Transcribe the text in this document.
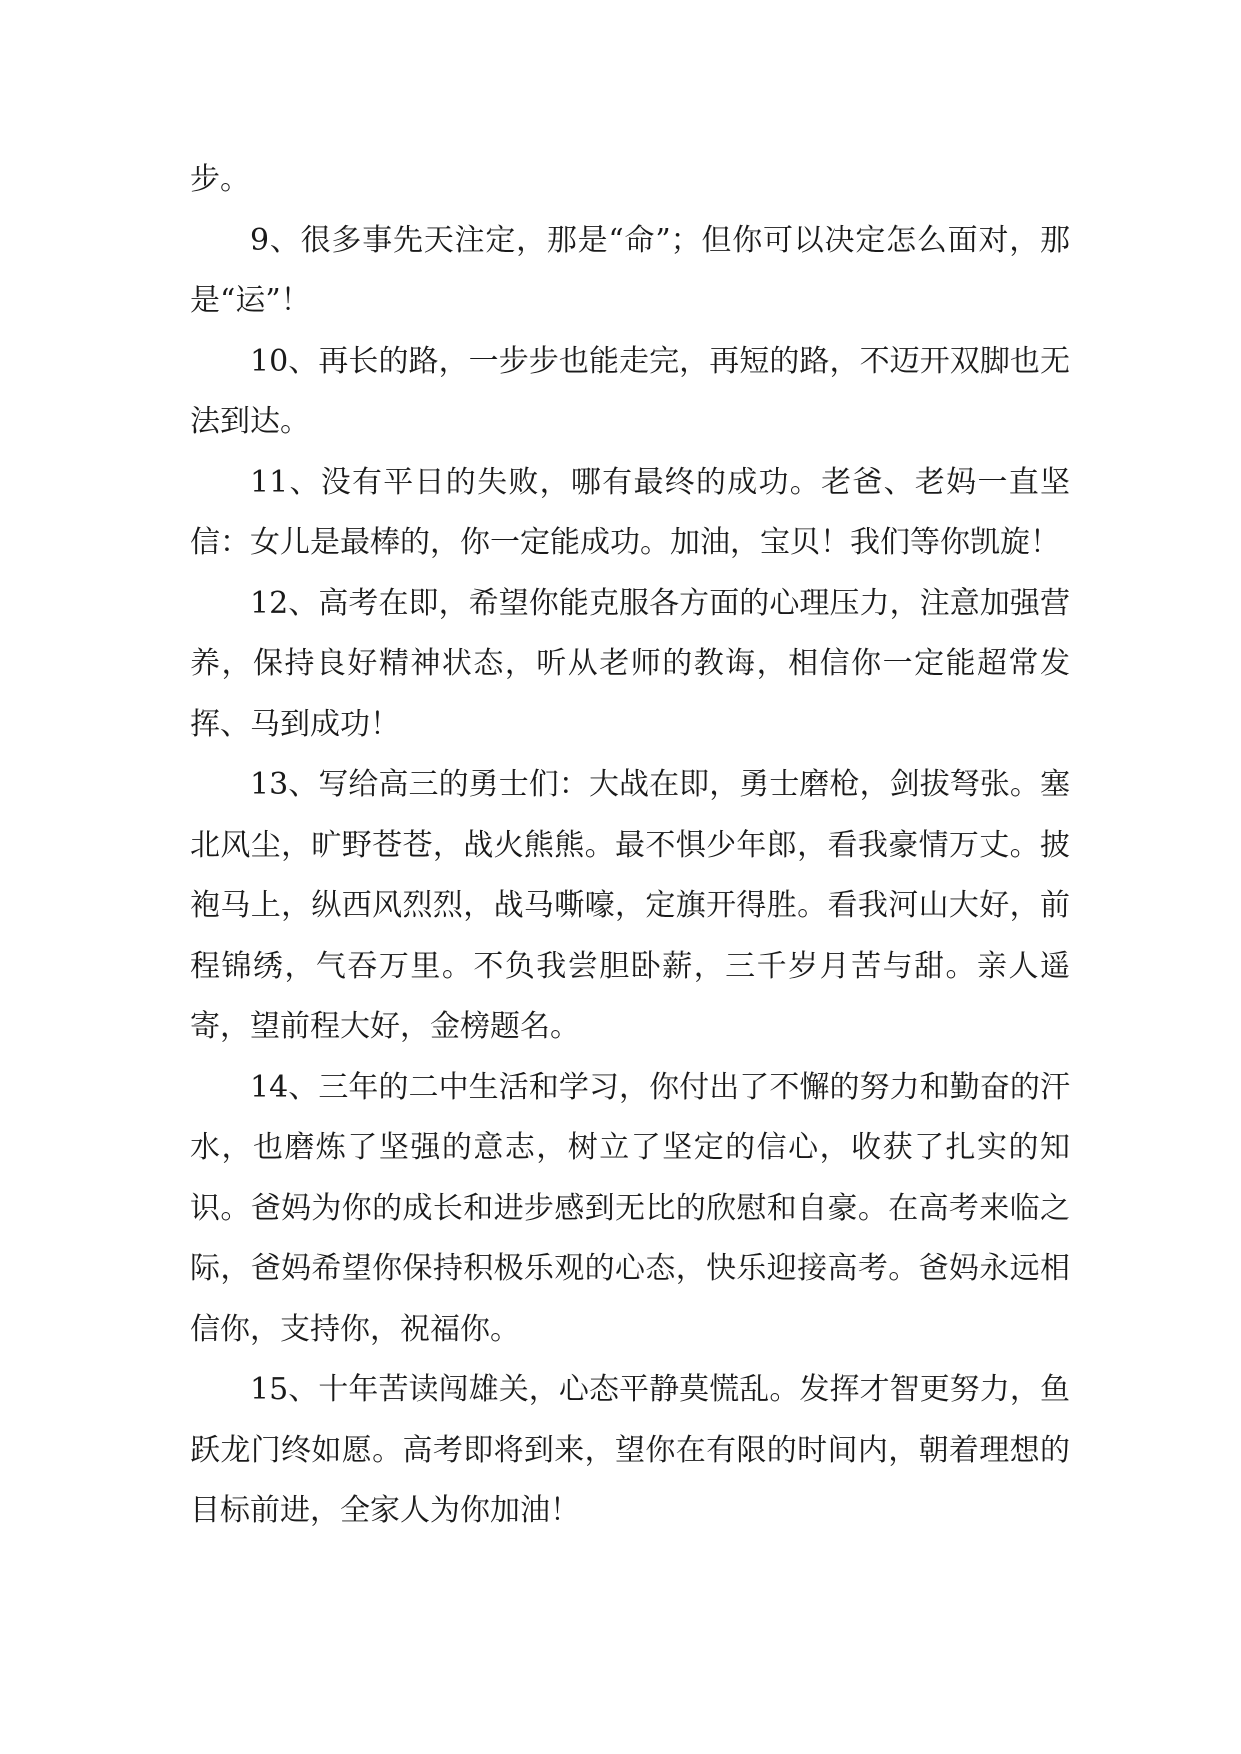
步。

9、很多事先天注定，那是“命”；但你可以决定怎么面对，那是“运”！

10、再长的路，一步步也能走完，再短的路，不迈开双脚也无法到达。

11、没有平日的失败，哪有最终的成功。老爸、老妈一直坚信：女儿是最棒的，你一定能成功。加油，宝贝！我们等你凯旋！

12、高考在即，希望你能克服各方面的心理压力，注意加强营养，保持良好精神状态，听从老师的教诲，相信你一定能超常发挥、马到成功！

13、写给高三的勇士们：大战在即，勇士磨枪，剑拔弩张。塞北风尘，旷野苍苍，战火熊熊。最不惧少年郎，看我豪情万丈。披袍马上，纵西风烈烈，战马嘶嚎，定旗开得胜。看我河山大好，前程锦绣，气吞万里。不负我尝胆卧薪，三千岁月苦与甜。亲人遥寄，望前程大好，金榜题名。

14、三年的二中生活和学习，你付出了不懈的努力和勤奋的汗水，也磨炼了坚强的意志，树立了坚定的信心，收获了扎实的知识。爸妈为你的成长和进步感到无比的欣慰和自豪。在高考来临之际，爸妈希望你保持积极乐观的心态，快乐迎接高考。爸妈永远相信你，支持你，祝福你。

15、十年苦读闯雄关，心态平静莫慌乱。发挥才智更努力，鱼跃龙门终如愿。高考即将到来，望你在有限的时间内，朝着理想的目标前进，全家人为你加油！
